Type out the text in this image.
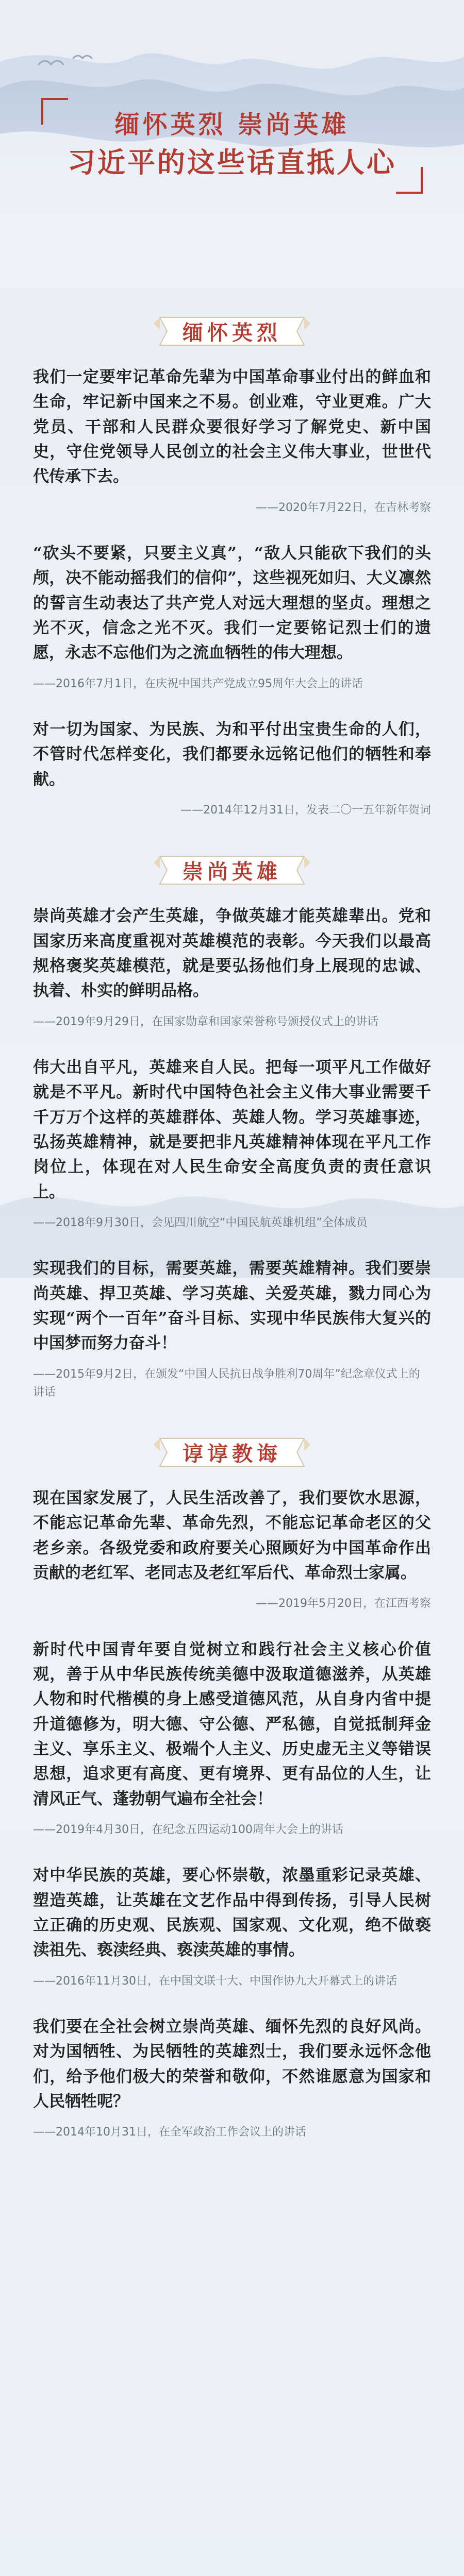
缅怀英烈 崇尚英雄
习近平的这些话直抵人心
缅怀英烈

我们一定要牢记革命先辈为中国革命事业付出的鲜血和生命，牢记新中国来之不易。创业难，守业更难。广大党员、干部和人民群众要很好学习了解党史、新中国史，守住党领导人民创立的社会主义伟大事业，世世代代传承下去。

——2020年7月22日，在吉林考察

“砍头不要紧，只要主义真”，“敌人只能砍下我们的头颅，决不能动摇我们的信仰”，这些视死如归、大义凛然的誓言生动表达了共产党人对远大理想的坚贞。理想之光不灭，信念之光不灭。我们一定要铭记烈士们的遗愿，永志不忘他们为之流血牺牲的伟大理想。

——2016年7月1日，在庆祝中国共产党成立95周年大会上的讲话

对一切为国家、为民族、为和平付出宝贵生命的人们，不管时代怎样变化，我们都要永远铭记他们的牺牲和奉献。

——2014年12月31日，发表二〇一五年新年贺词
崇尚英雄

崇尚英雄才会产生英雄，争做英雄才能英雄辈出。党和国家历来高度重视对英雄模范的表彰。今天我们以最高规格褒奖英雄模范，就是要弘扬他们身上展现的忠诚、执着、朴实的鲜明品格。

——2019年9月29日，在国家勋章和国家荣誉称号颁授仪式上的讲话

伟大出自平凡，英雄来自人民。把每一项平凡工作做好就是不平凡。新时代中国特色社会主义伟大事业需要千千万万个这样的英雄群体、英雄人物。学习英雄事迹，弘扬英雄精神，就是要把非凡英雄精神体现在平凡工作岗位上，体现在对人民生命安全高度负责的责任意识上。

——2018年9月30日，会见四川航空“中国民航英雄机组”全体成员

实现我们的目标，需要英雄，需要英雄精神。我们要崇尚英雄、捍卫英雄、学习英雄、关爱英雄，戮力同心为实现“两个一百年”奋斗目标、实现中华民族伟大复兴的中国梦而努力奋斗！

——2015年9月2日，在颁发“中国人民抗日战争胜利70周年”纪念章仪式上的讲话
谆谆教诲

现在国家发展了，人民生活改善了，我们要饮水思源，不能忘记革命先辈、革命先烈，不能忘记革命老区的父老乡亲。各级党委和政府要关心照顾好为中国革命作出贡献的老红军、老同志及老红军后代、革命烈士家属。

——2019年5月20日，在江西考察

新时代中国青年要自觉树立和践行社会主义核心价值观，善于从中华民族传统美德中汲取道德滋养，从英雄人物和时代楷模的身上感受道德风范，从自身内省中提升道德修为，明大德、守公德、严私德，自觉抵制拜金主义、享乐主义、极端个人主义、历史虚无主义等错误思想，追求更有高度、更有境界、更有品位的人生，让清风正气、蓬勃朝气遍布全社会！

——2019年4月30日，在纪念五四运动100周年大会上的讲话

对中华民族的英雄，要心怀崇敬，浓墨重彩记录英雄、塑造英雄，让英雄在文艺作品中得到传扬，引导人民树立正确的历史观、民族观、国家观、文化观，绝不做亵渎祖先、亵渎经典、亵渎英雄的事情。

——2016年11月30日，在中国文联十大、中国作协九大开幕式上的讲话

我们要在全社会树立崇尚英雄、缅怀先烈的良好风尚。对为国牺牲、为民牺牲的英雄烈士，我们要永远怀念他们，给予他们极大的荣誉和敬仰，不然谁愿意为国家和人民牺牲呢？

——2014年10月31日，在全军政治工作会议上的讲话
